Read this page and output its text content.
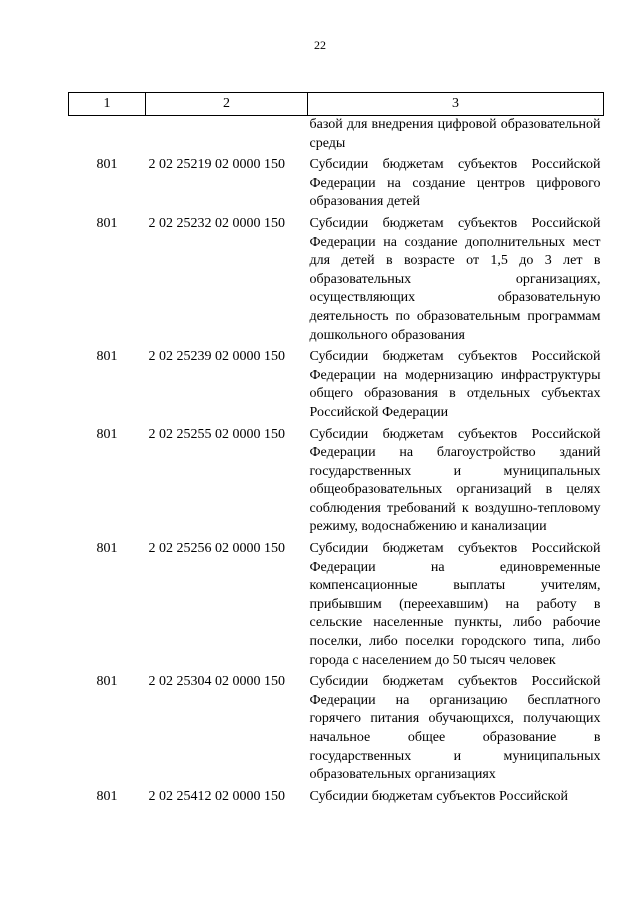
22
1	2	3
		базой для внедрения цифровой образовательной среды
801	2 02 25219 02 0000 150	Субсидии бюджетам субъектов Российской Федерации на создание центров цифрового образования детей
801	2 02 25232 02 0000 150	Субсидии бюджетам субъектов Российской Федерации на создание дополнительных мест для детей в возрасте от 1,5 до 3 лет в образовательных организациях, осуществляющих образовательную деятельность по образовательным программам дошкольного образования
801	2 02 25239 02 0000 150	Субсидии бюджетам субъектов Российской Федерации на модернизацию инфраструктуры общего образования в отдельных субъектах Российской Федерации
801	2 02 25255 02 0000 150	Субсидии бюджетам субъектов Российской Федерации на благоустройство зданий государственных и муниципальных общеобразовательных организаций в целях соблюдения требований к воздушно-тепловому режиму, водоснабжению и канализации
801	2 02 25256 02 0000 150	Субсидии бюджетам субъектов Российской Федерации на единовременные компенсационные выплаты учителям, прибывшим (переехавшим) на работу в сельские населенные пункты, либо рабочие поселки, либо поселки городского типа, либо города с населением до 50 тысяч человек
801	2 02 25304 02 0000 150	Субсидии бюджетам субъектов Российской Федерации на организацию бесплатного горячего питания обучающихся, получающих начальное общее образование в государственных и муниципальных образовательных организациях
801	2 02 25412 02 0000 150	Субсидии бюджетам субъектов Российской
